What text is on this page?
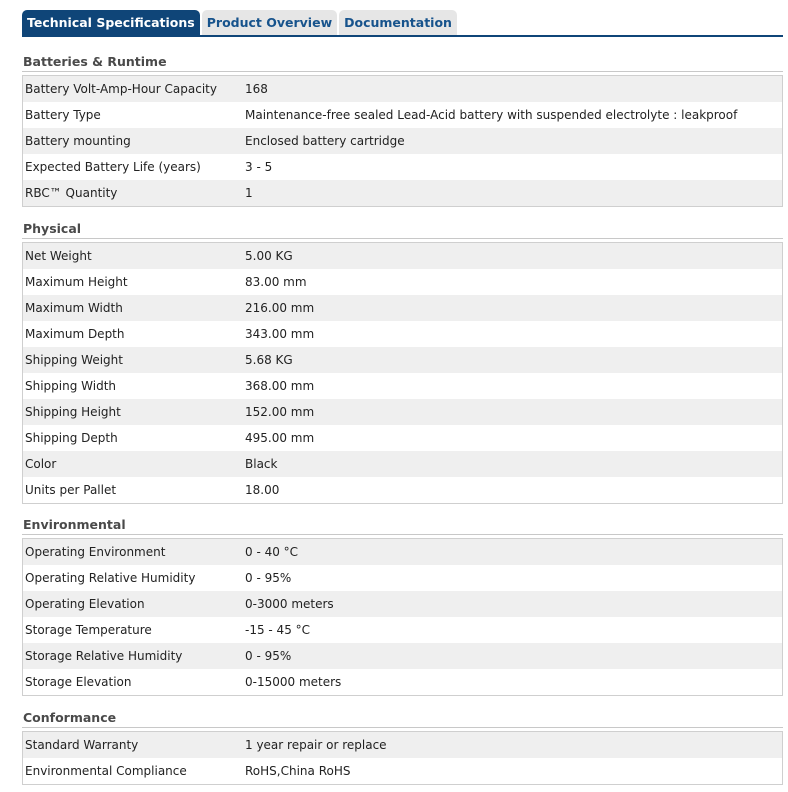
Technical Specifications Product Overview Documentation
Batteries & Runtime
Battery Volt-Amp-Hour Capacity	168
Battery Type	Maintenance-free sealed Lead-Acid battery with suspended electrolyte : leakproof
Battery mounting	Enclosed battery cartridge
Expected Battery Life (years)	3 - 5
RBC™ Quantity	1
Physical
Net Weight	5.00 KG
Maximum Height	83.00 mm
Maximum Width	216.00 mm
Maximum Depth	343.00 mm
Shipping Weight	5.68 KG
Shipping Width	368.00 mm
Shipping Height	152.00 mm
Shipping Depth	495.00 mm
Color	Black
Units per Pallet	18.00
Environmental
Operating Environment	0 - 40 °C
Operating Relative Humidity	0 - 95%
Operating Elevation	0-3000 meters
Storage Temperature	-15 - 45 °C
Storage Relative Humidity	0 - 95%
Storage Elevation	0-15000 meters
Conformance
Standard Warranty	1 year repair or replace
Environmental Compliance	RoHS,China RoHS
